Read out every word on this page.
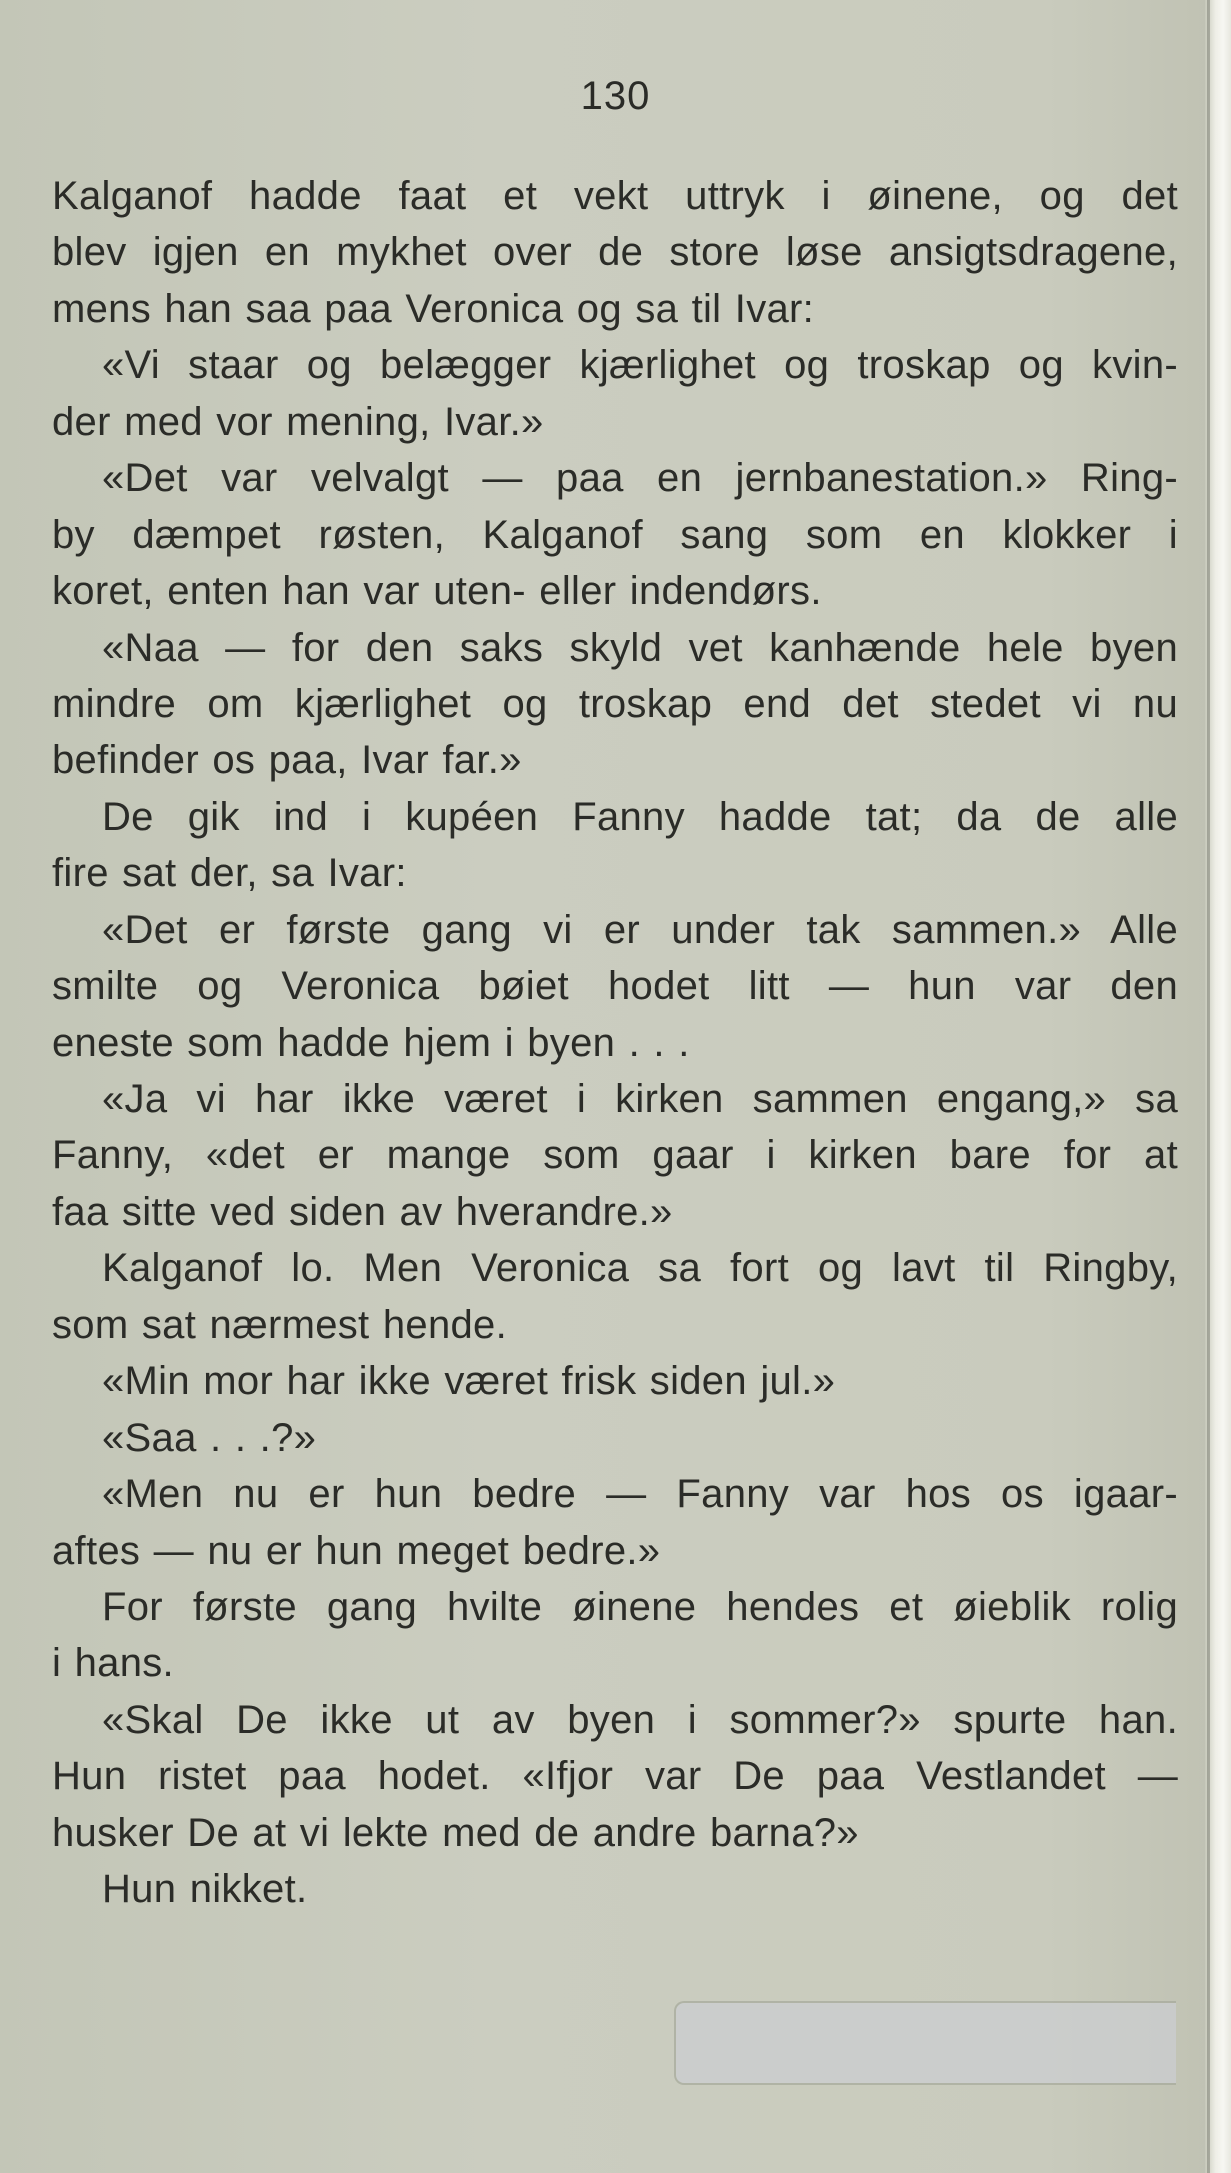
130
Kalganof hadde faat et vekt uttryk i øinene, og det
blev igjen en mykhet over de store løse ansigtsdragene,
mens han saa paa Veronica og sa til Ivar:
«Vi staar og belægger kjærlighet og troskap og kvin-
der med vor mening, Ivar.»
«Det var velvalgt — paa en jernbanestation.» Ring-
by dæmpet røsten, Kalganof sang som en klokker i
koret, enten han var uten- eller indendørs.
«Naa — for den saks skyld vet kanhænde hele byen
mindre om kjærlighet og troskap end det stedet vi nu
befinder os paa, Ivar far.»
De gik ind i kupéen Fanny hadde tat; da de alle
fire sat der, sa Ivar:
«Det er første gang vi er under tak sammen.» Alle
smilte og Veronica bøiet hodet litt — hun var den
eneste som hadde hjem i byen . . .
«Ja vi har ikke været i kirken sammen engang,» sa
Fanny, «det er mange som gaar i kirken bare for at
faa sitte ved siden av hverandre.»
Kalganof lo. Men Veronica sa fort og lavt til Ringby,
som sat nærmest hende.
«Min mor har ikke været frisk siden jul.»
«Saa . . .?»
«Men nu er hun bedre — Fanny var hos os igaar-
aftes — nu er hun meget bedre.»
For første gang hvilte øinene hendes et øieblik rolig
i hans.
«Skal De ikke ut av byen i sommer?» spurte han.
Hun ristet paa hodet. «Ifjor var De paa Vestlandet —
husker De at vi lekte med de andre barna?»
Hun nikket.
